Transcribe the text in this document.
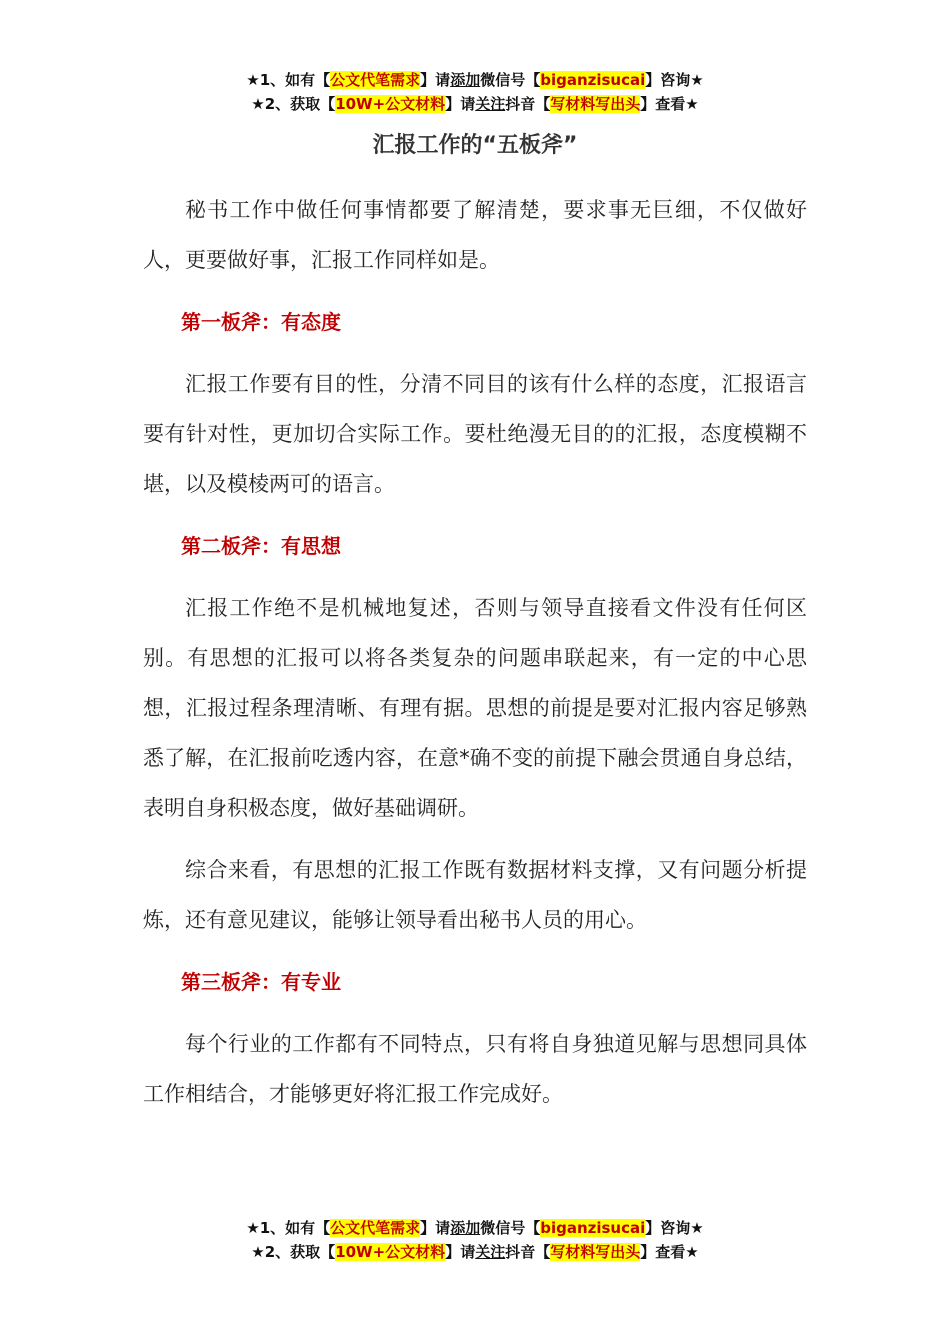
★1、如有【公文代笔需求】请添加微信号【biganzisucai】咨询★
★2、获取【10W+公文材料】请关注抖音【写材料写出头】查看★
汇报工作的“五板斧”

秘书工作中做任何事情都要了解清楚，要求事无巨细，不仅做好人，更要做好事，汇报工作同样如是。

第一板斧：有态度

汇报工作要有目的性，分清不同目的该有什么样的态度，汇报语言要有针对性，更加切合实际工作。要杜绝漫无目的的汇报，态度模糊不堪，以及模棱两可的语言。

第二板斧：有思想

汇报工作绝不是机械地复述，否则与领导直接看文件没有任何区别。有思想的汇报可以将各类复杂的问题串联起来，有一定的中心思想，汇报过程条理清晰、有理有据。思想的前提是要对汇报内容足够熟悉了解，在汇报前吃透内容，在意*确不变的前提下融会贯通自身总结，表明自身积极态度，做好基础调研。

综合来看，有思想的汇报工作既有数据材料支撑，又有问题分析提炼，还有意见建议，能够让领导看出秘书人员的用心。

第三板斧：有专业

每个行业的工作都有不同特点，只有将自身独道见解与思想同具体工作相结合，才能够更好将汇报工作完成好。

★1、如有【公文代笔需求】请添加微信号【biganzisucai】咨询★
★2、获取【10W+公文材料】请关注抖音【写材料写出头】查看★
